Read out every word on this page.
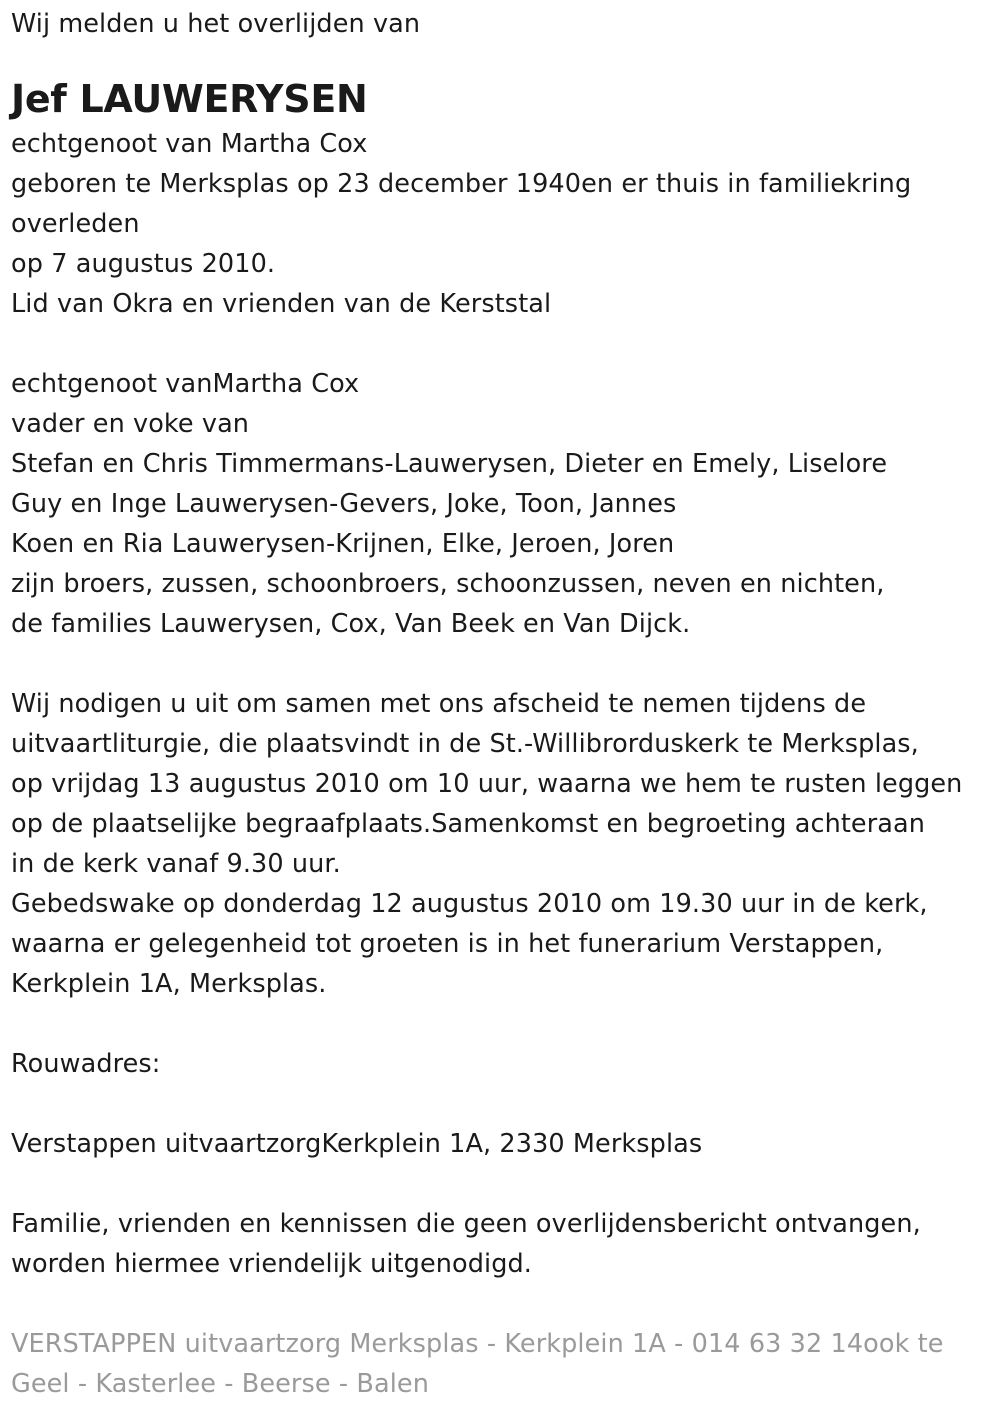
Wij melden u het overlijden van
Jef LAUWERYSEN
echtgenoot van Martha Cox
geboren te Merksplas op 23 december 1940en er thuis in familiekring
overleden
op 7 augustus 2010.
Lid van Okra en vrienden van de Kerststal
echtgenoot vanMartha Cox
vader en voke van
Stefan en Chris Timmermans-Lauwerysen, Dieter en Emely, Liselore
Guy en Inge Lauwerysen-Gevers, Joke, Toon, Jannes
Koen en Ria Lauwerysen-Krijnen, Elke, Jeroen, Joren
zijn broers, zussen, schoonbroers, schoonzussen, neven en nichten,
de families Lauwerysen, Cox, Van Beek en Van Dijck.
Wij nodigen u uit om samen met ons afscheid te nemen tijdens de
uitvaartliturgie, die plaatsvindt in de St.-Willibrorduskerk te Merksplas,
op vrijdag 13 augustus 2010 om 10 uur, waarna we hem te rusten leggen
op de plaatselijke begraafplaats.Samenkomst en begroeting achteraan
in de kerk vanaf 9.30 uur.
Gebedswake op donderdag 12 augustus 2010 om 19.30 uur in de kerk,
waarna er gelegenheid tot groeten is in het funerarium Verstappen,
Kerkplein 1A, Merksplas.
Rouwadres:
Verstappen uitvaartzorgKerkplein 1A, 2330 Merksplas
Familie, vrienden en kennissen die geen overlijdensbericht ontvangen,
worden hiermee vriendelijk uitgenodigd.
VERSTAPPEN uitvaartzorg Merksplas - Kerkplein 1A - 014 63 32 14ook te
Geel - Kasterlee - Beerse - Balen
